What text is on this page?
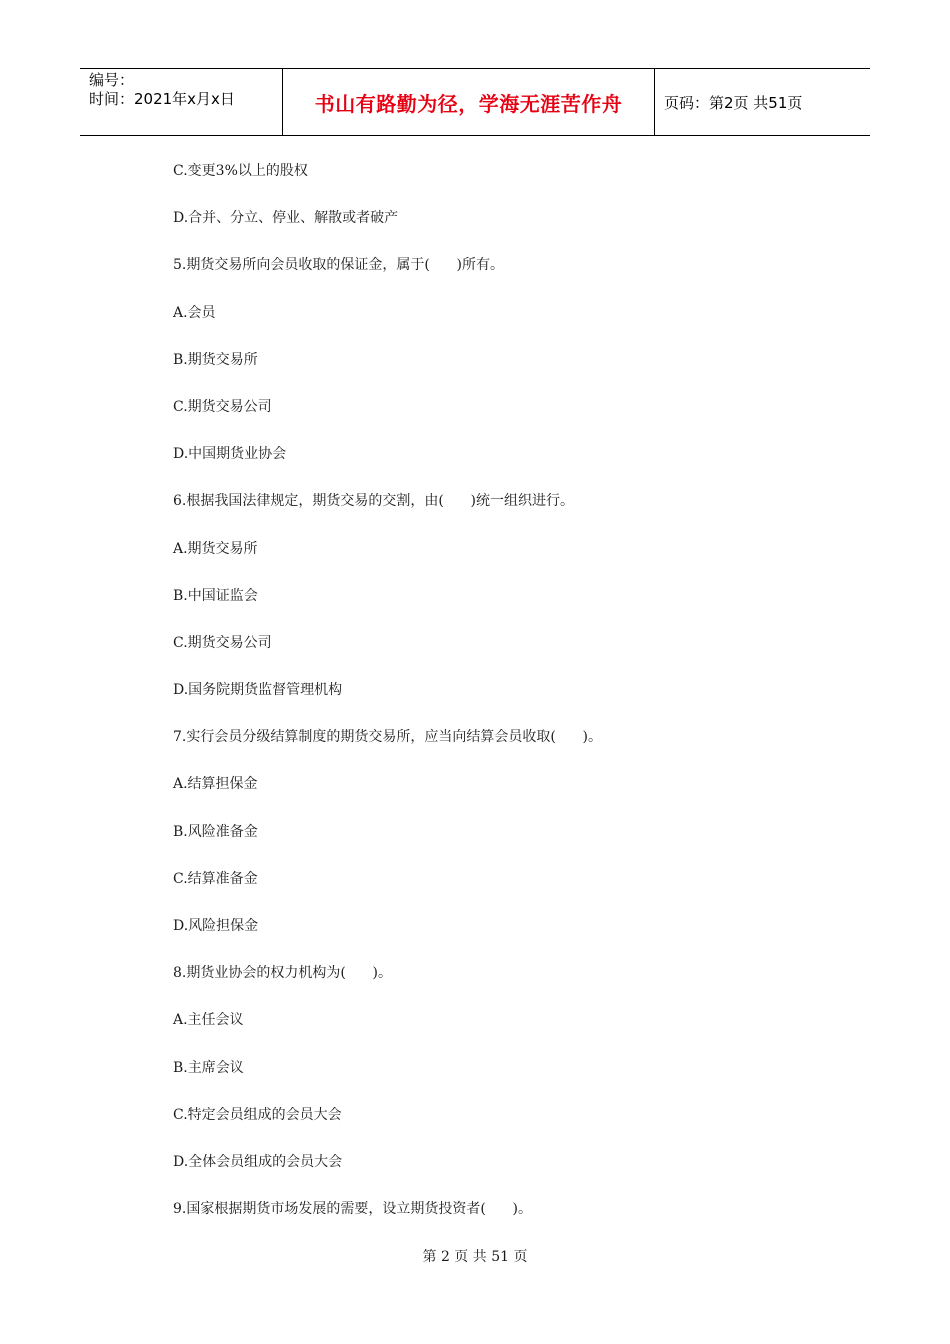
编号：
时间：2021年x月x日	书山有路勤为径，学海无涯苦作舟	页码：第2页 共51页
C.变更3%以上的股权
D.合并、分立、停业、解散或者破产
5.期货交易所向会员收取的保证金，属于(      )所有。
A.会员
B.期货交易所
C.期货交易公司
D.中国期货业协会
6.根据我国法律规定，期货交易的交割，由(      )统一组织进行。
A.期货交易所
B.中国证监会
C.期货交易公司
D.国务院期货监督管理机构
7.实行会员分级结算制度的期货交易所，应当向结算会员收取(      )。
A.结算担保金
B.风险准备金
C.结算准备金
D.风险担保金
8.期货业协会的权力机构为(      )。
A.主任会议
B.主席会议
C.特定会员组成的会员大会
D.全体会员组成的会员大会
9.国家根据期货市场发展的需要，设立期货投资者(      )。
第 2 页 共 51 页
